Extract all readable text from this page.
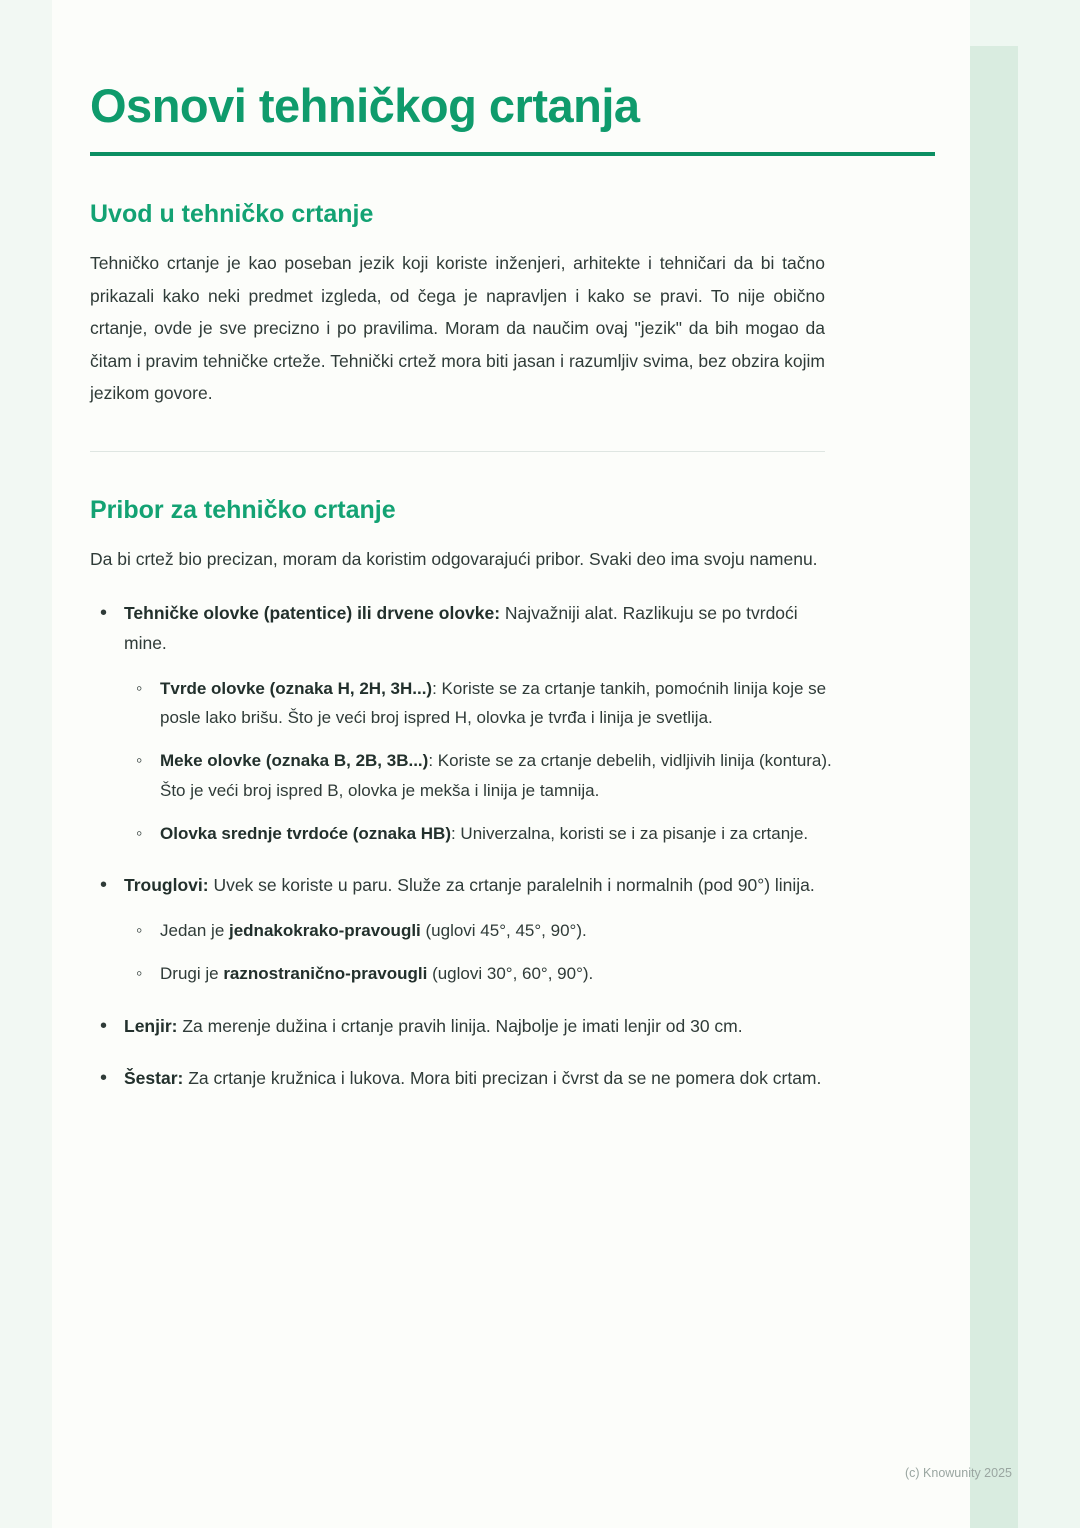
Osnovi tehničkog crtanja
Uvod u tehničko crtanje

Tehničko crtanje je kao poseban jezik koji koriste inženjeri, arhitekte i tehničari da bi tačno prikazali kako neki predmet izgleda, od čega je napravljen i kako se pravi. To nije obično crtanje, ovde je sve precizno i po pravilima. Moram da naučim ovaj "jezik" da bih mogao da čitam i pravim tehničke crteže. Tehnički crtež mora biti jasan i razumljiv svima, bez obzira kojim jezikom govore.

Pribor za tehničko crtanje

Da bi crtež bio precizan, moram da koristim odgovarajući pribor. Svaki deo ima svoju namenu.

• Tehničke olovke (patentice) ili drvene olovke: Najvažniji alat. Razlikuju se po tvrdoći mine.
◦ Tvrde olovke (oznaka H, 2H, 3H...): Koriste se za crtanje tankih, pomoćnih linija koje se posle lako brišu. Što je veći broj ispred H, olovka je tvrđa i linija je svetlija.
◦ Meke olovke (oznaka B, 2B, 3B...): Koriste se za crtanje debelih, vidljivih linija (kontura). Što je veći broj ispred B, olovka je mekša i linija je tamnija.
◦ Olovka srednje tvrdoće (oznaka HB): Univerzalna, koristi se i za pisanje i za crtanje.
• Trouglovi: Uvek se koriste u paru. Služe za crtanje paralelnih i normalnih (pod 90°) linija.
◦ Jedan je jednakokrako-pravougli (uglovi 45°, 45°, 90°).
◦ Drugi je raznostranično-pravougli (uglovi 30°, 60°, 90°).
• Lenjir: Za merenje dužina i crtanje pravih linija. Najbolje je imati lenjir od 30 cm.
• Šestar: Za crtanje kružnica i lukova. Mora biti precizan i čvrst da se ne pomera dok crtam.
(c) Knowunity 2025
